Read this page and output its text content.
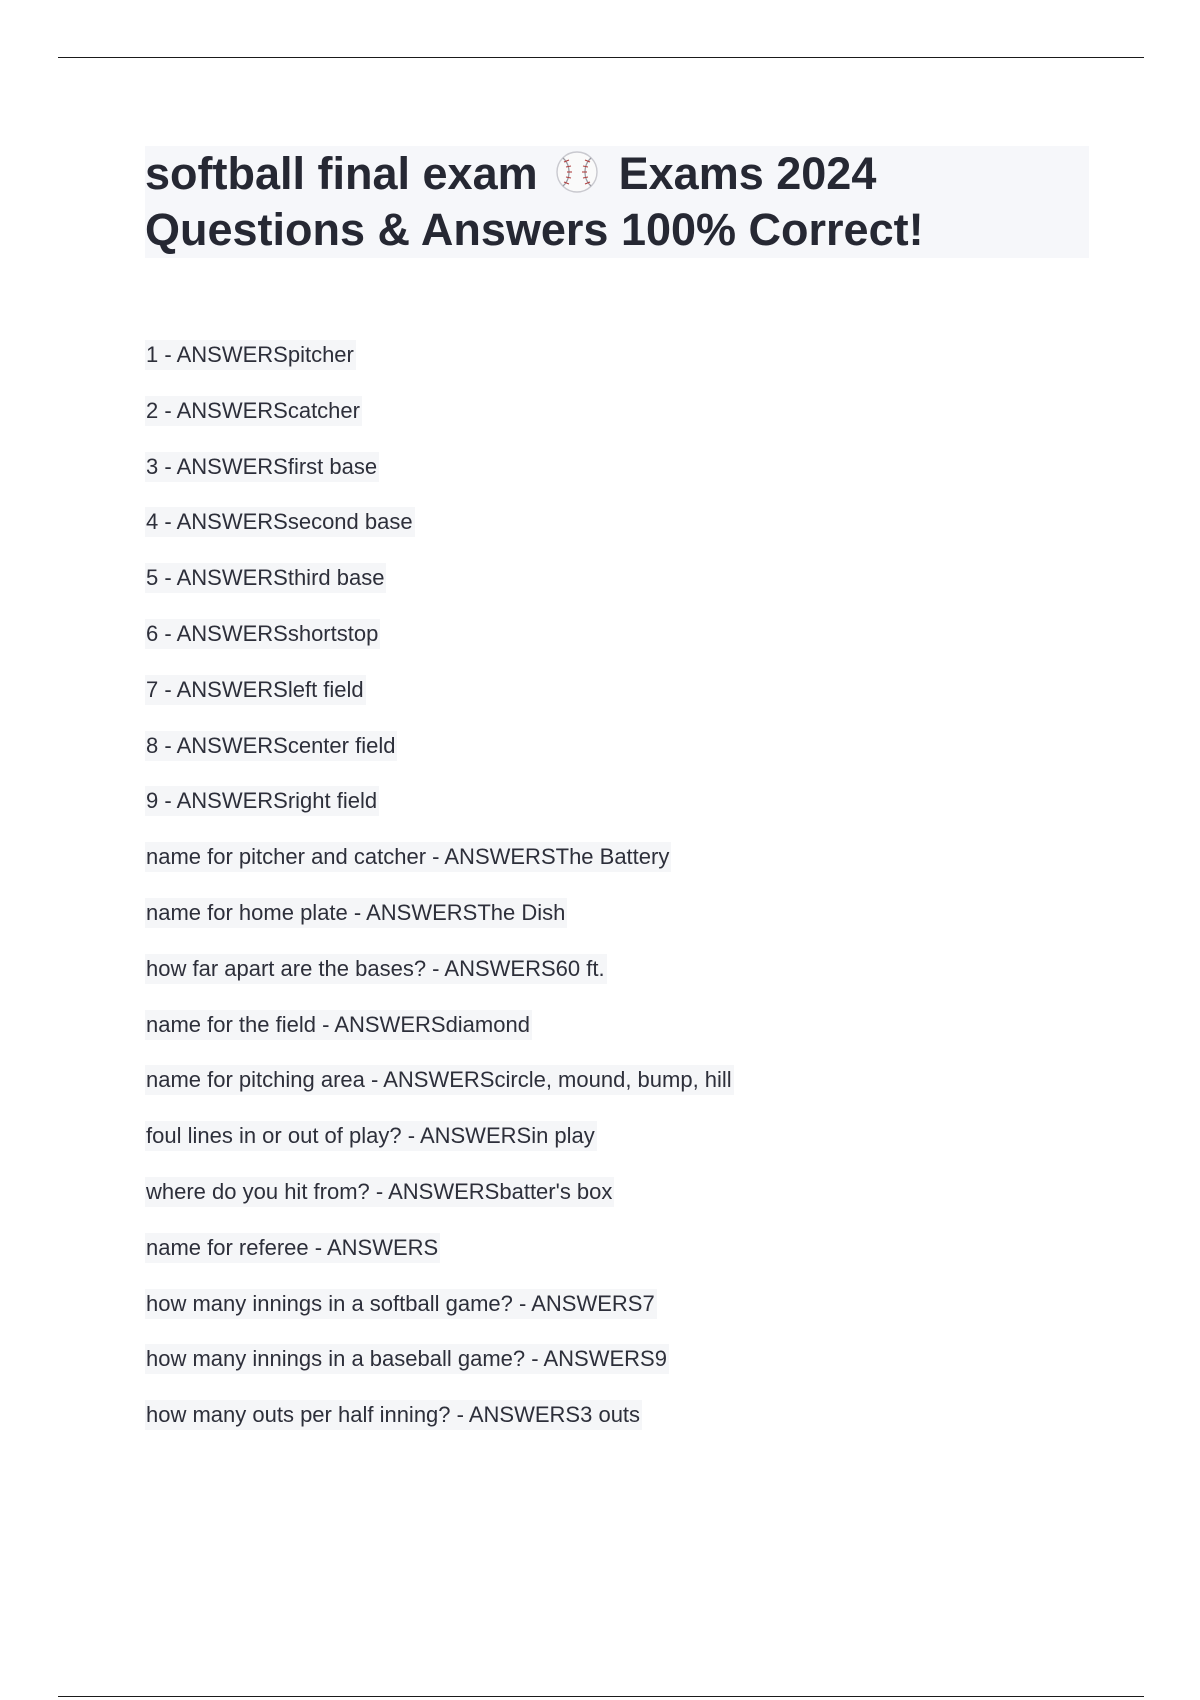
softball final exam Exams 2024
Questions & Answers 100% Correct!
1 - ANSWERSpitcher
2 - ANSWERScatcher
3 - ANSWERSfirst base
4 - ANSWERSsecond base
5 - ANSWERSthird base
6 - ANSWERSshortstop
7 - ANSWERSleft field
8 - ANSWERScenter field
9 - ANSWERSright field
name for pitcher and catcher - ANSWERSThe Battery
name for home plate - ANSWERSThe Dish
how far apart are the bases? - ANSWERS60 ft.
name for the field - ANSWERSdiamond
name for pitching area - ANSWERScircle, mound, bump, hill
foul lines in or out of play? - ANSWERSin play
where do you hit from? - ANSWERSbatter's box
name for referee - ANSWERS
how many innings in a softball game? - ANSWERS7
how many innings in a baseball game? - ANSWERS9
how many outs per half inning? - ANSWERS3 outs
